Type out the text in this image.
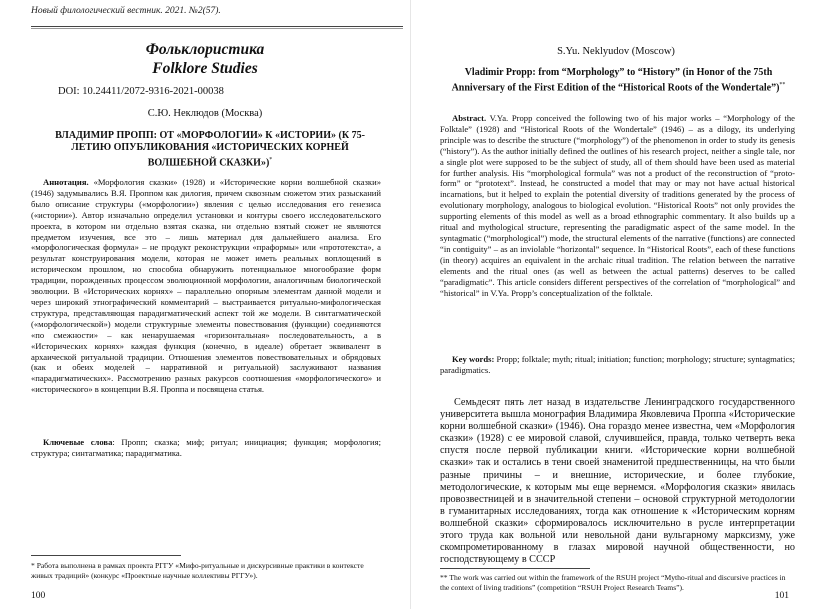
Новый филологический вестник. 2021. №2(57).
Фольклористика
Folklore Studies
DOI: 10.24411/2072-9316-2021-00038
С.Ю. Неклюдов (Москва)
ВЛАДИМИР ПРОПП: ОТ «МОРФОЛОГИИ» К «ИСТОРИИ» (К 75-ЛЕТИЮ ОПУБЛИКОВАНИЯ «ИСТОРИЧЕСКИХ КОРНЕЙ ВОЛШЕБНОЙ СКАЗКИ»)*

Аннотация. «Морфология сказки» (1928) и «Исторические корни волшебной сказки» (1946) задумывались В.Я. Проппом как дилогия, причем сквозным сюжетом этих разысканий было описание структуры («морфологии») явления с целью исследования его генезиса («истории»). Автор изначально определил установки и контуры своего исследовательского проекта, в котором ни отдельно взятая сказка, ни отдельно взятый сюжет не являются предметом изучения, все это – лишь материал для дальнейшего анализа. Его «морфологическая формула» – не продукт реконструкции «праформы» или «прототекста», а результат конструирования модели, которая не может иметь реальных воплощений в историческом прошлом, но способна обнаружить потенциальное многообразие форм традиции, порожденных процессом эволюционной морфологии, аналогичным биологической эволюции. В «Исторических корнях» – параллельно опорным элементам данной модели и через широкий этнографический комментарий – выстраивается ритуально-мифологическая структура, представляющая парадигматический аспект той же модели. В синтагматической («морфологической») модели структурные элементы повествования (функции) соединяются «по смежности» – как ненарушаемая «горизонтальная» последовательность, а в «Исторических корнях» каждая функция (конечно, в идеале) обретает эквивалент в архаической ритуальной традиции. Отношения элементов повествовательных и обрядовых (как и обеих моделей – нарративной и ритуальной) заслуживают названия «парадигматических». Рассмотрению разных ракурсов соотношения «морфологического» и «исторического» в концепции В.Я. Проппа и посвящена статья.

Ключевые слова: Пропп; сказка; миф; ритуал; инициация; функция; морфология; структура; синтагматика; парадигматика.

* Работа выполнена в рамках проекта РГГУ «Мифо-ритуальные и дискурсивные практики в контексте живых традиций» (конкурс «Проектные научные коллективы РГГУ»).

100
S.Yu. Neklyudov (Moscow)
Vladimir Propp: from “Morphology” to “History” (in Honor of the 75th Anniversary of the First Edition of the “Historical Roots of the Wondertale”)**

Abstract. V.Ya. Propp conceived the following two of his major works – “Morphology of the Folktale” (1928) and “Historical Roots of the Wondertale” (1946) – as a dilogy, its underlying principle was to describe the structure (“morphology”) of the phenomenon in order to study its genesis (“history”). As the author initially defined the outlines of his research project, neither a single tale, nor a single plot were supposed to be the subject of study, all of them should have been used as material for further analysis. His “morphological formula” was not a product of the reconstruction of “proto-form” or “prototext”. Instead, he constructed a model that may or may not have actual historical incarnations, but it helped to explain the potential diversity of traditions generated by the process of evolutionary morphology, analogous to biological evolution. “Historical Roots” not only provides the supporting elements of this model as well as a broad ethnographic commentary. It also builds up a ritual and mythological structure, representing the paradigmatic aspect of the same model. In the syntagmatic (“morphological”) mode, the structural elements of the narrative (functions) are connected “in contiguity” – as an inviolable “horizontal” sequence. In “Historical Roots”, each of these functions (in theory) acquires an equivalent in the archaic ritual tradition. The relation between the narrative elements and the ritual ones (as well as between the actual patterns) deserves to be called “paradigmatic”. This article considers different perspectives of the correlation of “morphological” and “historical” in V.Ya. Propp’s conceptualization of the folktale.

Key words: Propp; folktale; myth; ritual; initiation; function; morphology; structure; syntagmatics; paradigmatics.

Семьдесят пять лет назад в издательстве Ленинградского государственного университета вышла монография Владимира Яковлевича Проппа «Исторические корни волшебной сказки» (1946). Она гораздо менее известна, чем «Морфология сказки» (1928) с ее мировой славой, случившейся, правда, только четверть века спустя после первой публикации книги. «Исторические корни волшебной сказки» так и остались в тени своей знаменитой предшественницы, на что были разные причины – и внешние, исторические, и более глубокие, методологические, к которым мы еще вернемся. «Морфология сказки» явилась провозвестницей и в значительной степени – основой структурной методологии в гуманитарных исследованиях, тогда как отношение к «Историческим корням волшебной сказки» сформировалось исключительно в русле интерпретации этого труда как вольной или невольной дани вульгарному марксизму, уже скомпрометированному в глазах мировой научной общественности, но господствующему в СССР

** The work was carried out within the framework of the RSUH project “Mytho-ritual and discursive practices in the context of living traditions” (competition “RSUH Project Research Teams”).

101
